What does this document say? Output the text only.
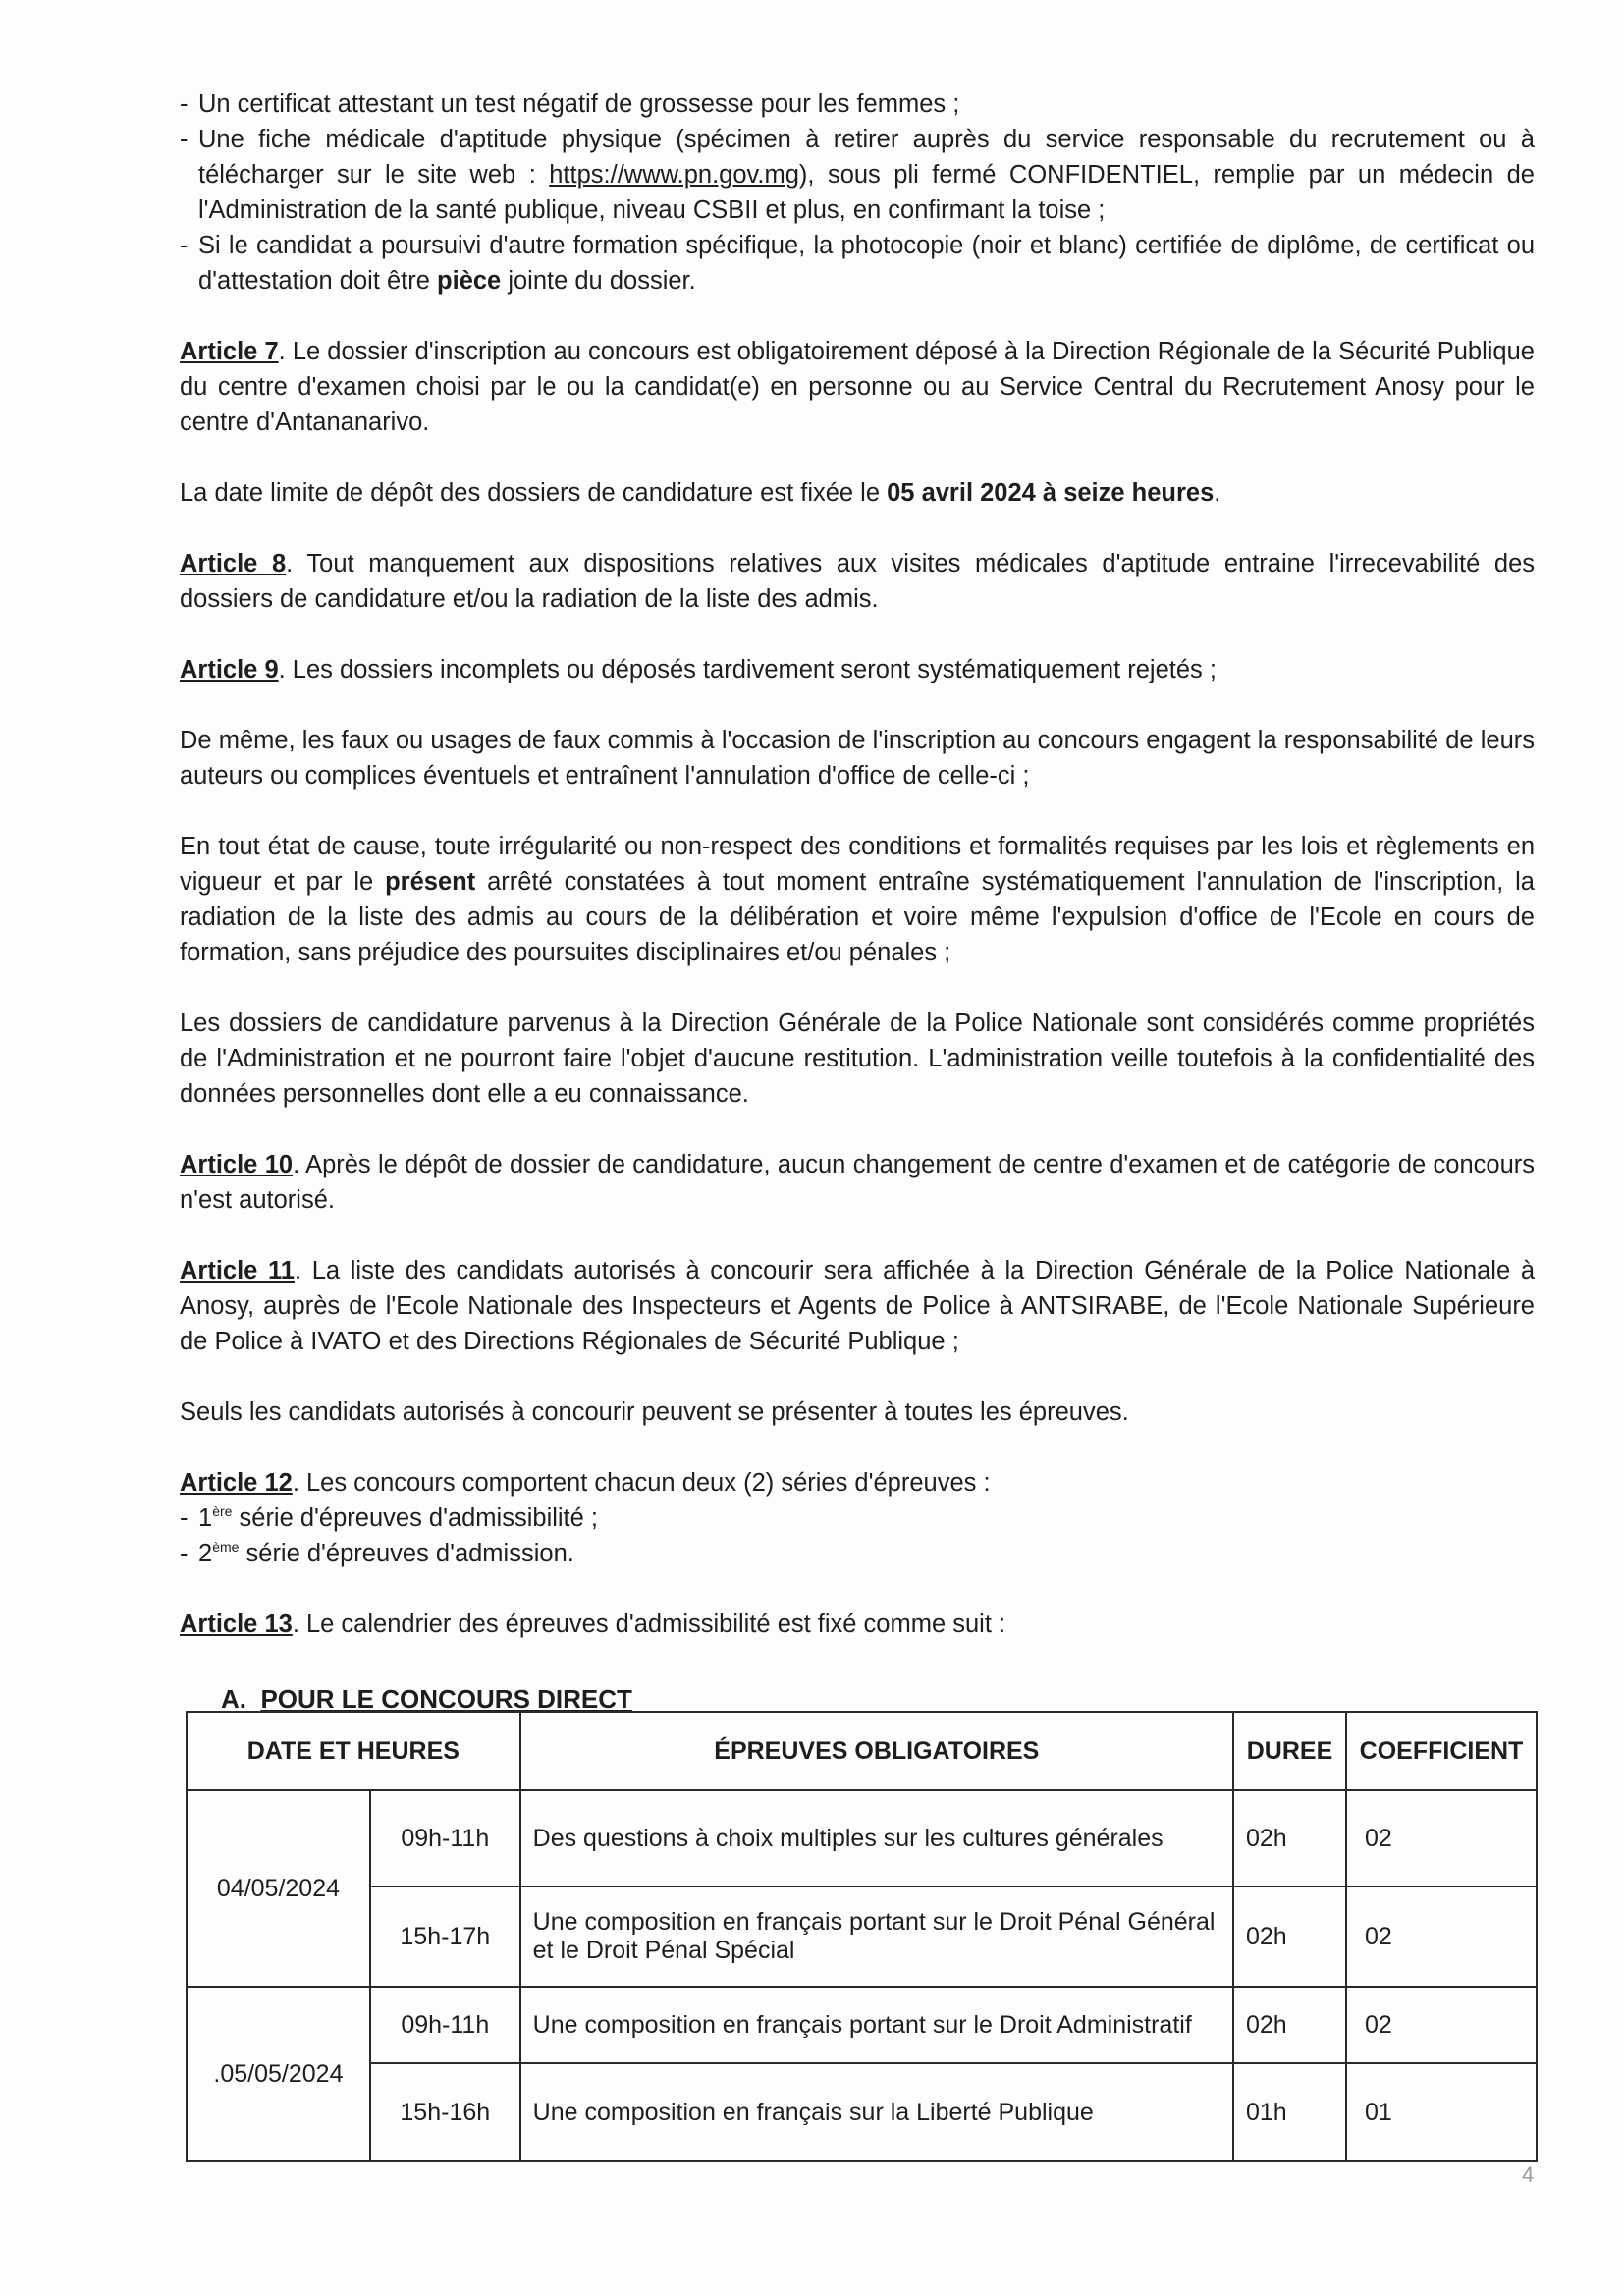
- Un certificat attestant un test négatif de grossesse pour les femmes ;
- Une fiche médicale d'aptitude physique (spécimen à retirer auprès du service responsable du recrutement ou à télécharger sur le site web : https://www.pn.gov.mg), sous pli fermé CONFIDENTIEL, remplie par un médecin de l'Administration de la santé publique, niveau CSBII et plus, en confirmant la toise ;
- Si le candidat a poursuivi d'autre formation spécifique, la photocopie (noir et blanc) certifiée de diplôme, de certificat ou d'attestation doit être pièce jointe du dossier.

Article 7. Le dossier d'inscription au concours est obligatoirement déposé à la Direction Régionale de la Sécurité Publique du centre d'examen choisi par le ou la candidat(e) en personne ou au Service Central du Recrutement Anosy pour le centre d'Antananarivo.

La date limite de dépôt des dossiers de candidature est fixée le 05 avril 2024 à seize heures.

Article 8. Tout manquement aux dispositions relatives aux visites médicales d'aptitude entraine l'irrecevabilité des dossiers de candidature et/ou la radiation de la liste des admis.

Article 9. Les dossiers incomplets ou déposés tardivement seront systématiquement rejetés ;

De même, les faux ou usages de faux commis à l'occasion de l'inscription au concours engagent la responsabilité de leurs auteurs ou complices éventuels et entraînent l'annulation d'office de celle-ci ;

En tout état de cause, toute irrégularité ou non-respect des conditions et formalités requises par les lois et règlements en vigueur et par le présent arrêté constatées à tout moment entraîne systématiquement l'annulation de l'inscription, la radiation de la liste des admis au cours de la délibération et voire même l'expulsion d'office de l'Ecole en cours de formation, sans préjudice des poursuites disciplinaires et/ou pénales ;

Les dossiers de candidature parvenus à la Direction Générale de la Police Nationale sont considérés comme propriétés de l'Administration et ne pourront faire l'objet d'aucune restitution. L'administration veille toutefois à la confidentialité des données personnelles dont elle a eu connaissance.

Article 10. Après le dépôt de dossier de candidature, aucun changement de centre d'examen et de catégorie de concours n'est autorisé.

Article 11. La liste des candidats autorisés à concourir sera affichée à la Direction Générale de la Police Nationale à Anosy, auprès de l'Ecole Nationale des Inspecteurs et Agents de Police à ANTSIRABE, de l'Ecole Nationale Supérieure de Police à IVATO et des Directions Régionales de Sécurité Publique ;

Seuls les candidats autorisés à concourir peuvent se présenter à toutes les épreuves.

Article 12. Les concours comportent chacun deux (2) séries d'épreuves :

- 1ère série d'épreuves d'admissibilité ;
- 2ème série d'épreuves d'admission.

Article 13. Le calendrier des épreuves d'admissibilité est fixé comme suit :

A. POUR LE CONCOURS DIRECT
DATE ET HEURES		ÉPREUVES OBLIGATOIRES	DUREE	COEFFICIENT
04/05/2024	09h-11h	Des questions à choix multiples sur les cultures générales	02h	02
	15h-17h	Une composition en français portant sur le Droit Pénal Général et le Droit Pénal Spécial	02h	02
.05/05/2024	09h-11h	Une composition en français portant sur le Droit Administratif	02h	02
	15h-16h	Une composition en français sur la Liberté Publique	01h	01
4
